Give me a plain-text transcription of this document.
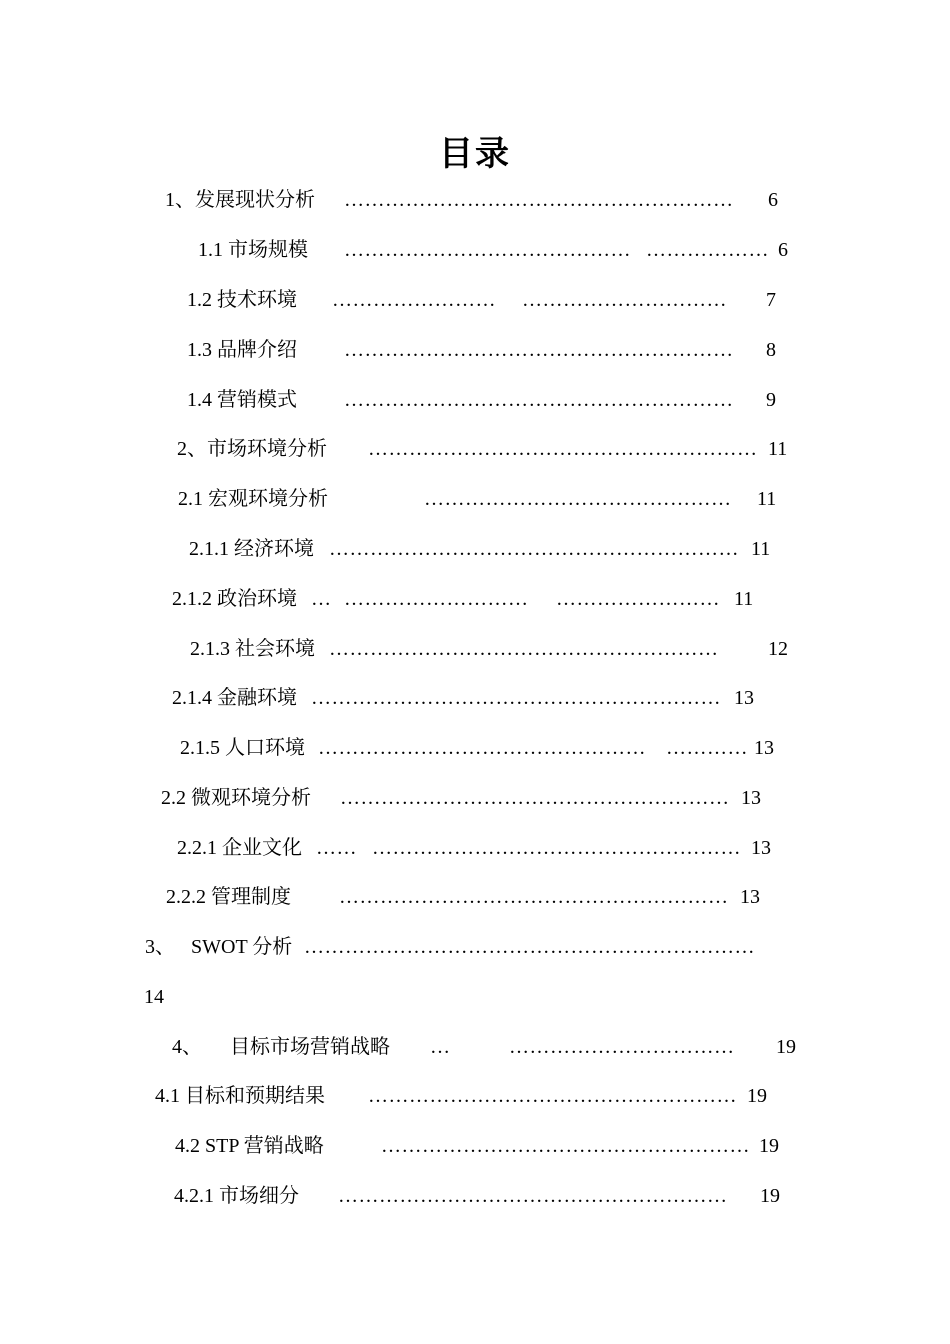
目录
1、发展现状分析 ………………………………………………… 6
1.1 市场规模 …………………………………… ……………… 6
1.2 技术环境 …………………… ………………………… 7
1.3 品牌介绍 ………………………………………………… 8
1.4 营销模式 ………………………………………………… 9
2、市场环境分析 ………………………………………………… 11
2.1 宏观环境分析	……………………………………… 11
2.1.1 经济环境 …………………………………………………… 11
2.1.2 政治环境 … ……………………… …………………… 11
2.1.3 社会环境 ………………………………………………… 12
2.1.4 金融环境 …………………………………………………… 13
2.1.5 人口环境 ………………………………………… ………… 13
2.2 微观环境分析 ………………………………………………… 13
2.2.1 企业文化 …… ……………………………………………… 13
2.2.2 管理制度 ………………………………………………… 13
3、 SWOT 分析 …………………………………………………………
14
4、 目标市场营销战略 …	…………………………… 19
4.1 目标和预期结果 ……………………………………………… 19
4.2 STP 营销战略	……………………………………………… 19
4.2.1 市场细分 ………………………………………………… 19
